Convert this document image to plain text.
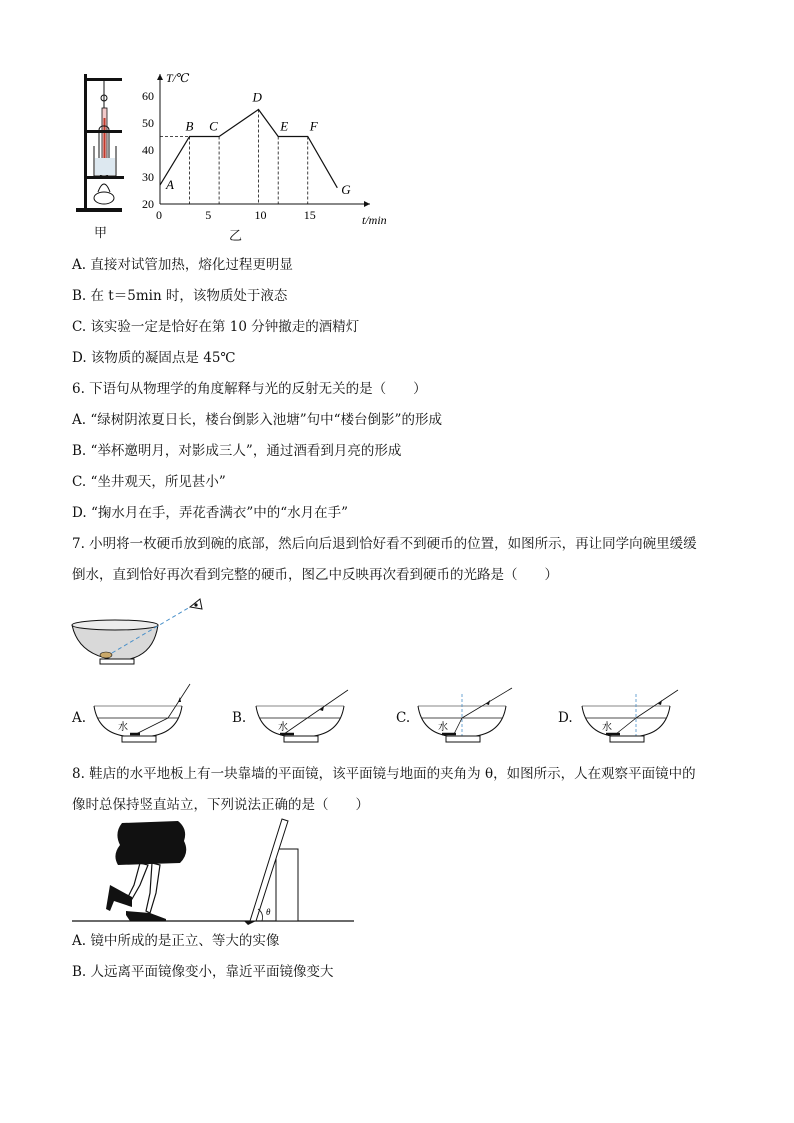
甲
T/℃
t/min
20
30
40
50
60
0	5	10	15
A
B C
D
E F
G
乙
A. 直接对试管加热，熔化过程更明显
B. 在 t＝5min 时，该物质处于液态
C. 该实验一定是恰好在第 10 分钟撤走的酒精灯
D. 该物质的凝固点是 45℃
6. 下语句从物理学的角度解释与光的反射无关的是（　　）
A. “绿树阴浓夏日长，楼台倒影入池塘”句中“楼台倒影”的形成
B. “举杯邀明月，对影成三人”，通过酒看到月亮的形成
C. “坐井观天，所见甚小”
D. “掬水月在手，弄花香满衣”中的“水月在手”
7. 小明将一枚硬币放到碗的底部，然后向后退到恰好看不到硬币的位置，如图所示，再让同学向碗里缓缓
倒水，直到恰好再次看到完整的硬币，图乙中反映再次看到硬币的光路是（　　）
A.
水
B.
水
C.
水
D.
水
8. 鞋店的水平地板上有一块靠墙的平面镜，该平面镜与地面的夹角为 θ，如图所示，人在观察平面镜中的
像时总保持竖直站立，下列说法正确的是（　　）
θ
A. 镜中所成的是正立、等大的实像
B. 人远离平面镜像变小，靠近平面镜像变大
